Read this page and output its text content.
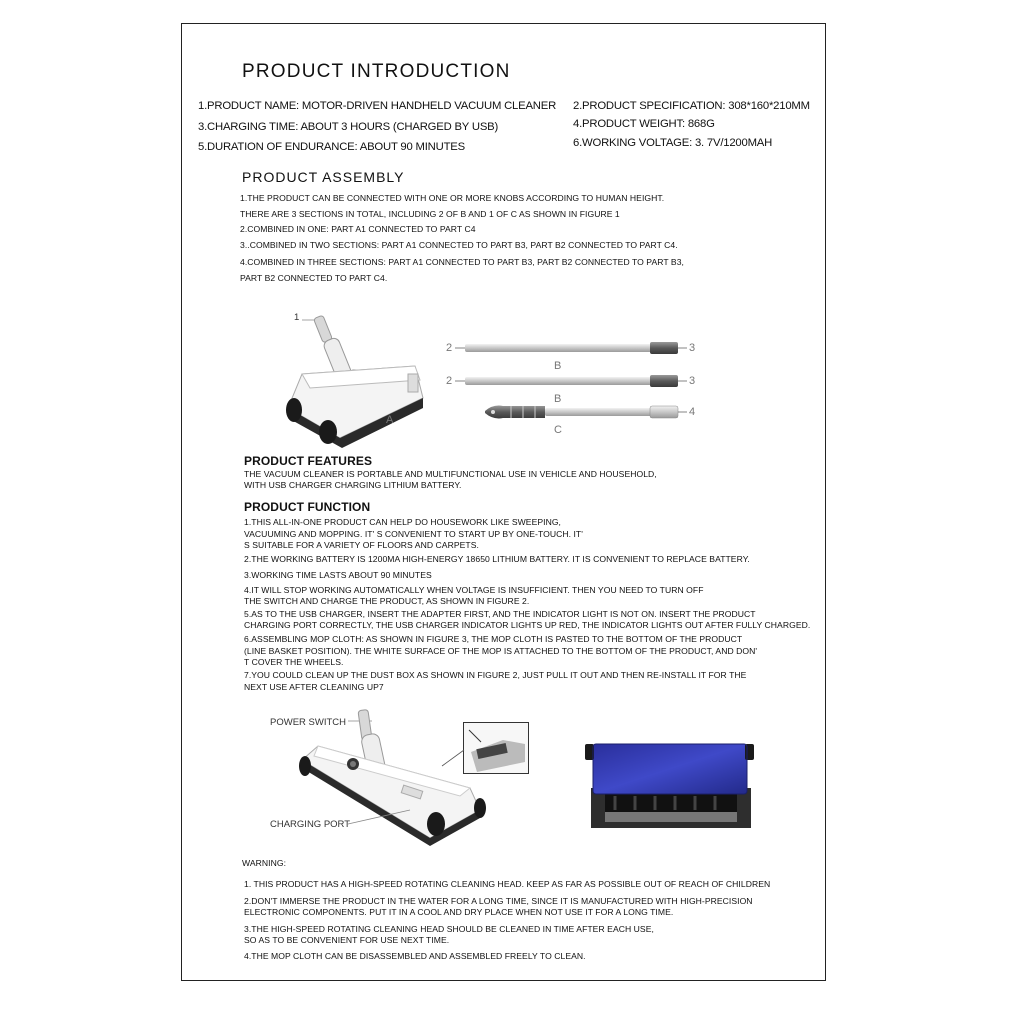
PRODUCT INTRODUCTION
1.PRODUCT NAME: MOTOR-DRIVEN HANDHELD VACUUM CLEANER
3.CHARGING TIME: ABOUT 3 HOURS (CHARGED BY USB)
5.DURATION OF ENDURANCE: ABOUT 90 MINUTES
2.PRODUCT SPECIFICATION: 308*160*210MM
4.PRODUCT WEIGHT: 868G
6.WORKING VOLTAGE: 3. 7V/1200MAH
PRODUCT ASSEMBLY
1.THE PRODUCT CAN BE CONNECTED WITH ONE OR MORE KNOBS ACCORDING TO HUMAN HEIGHT.
THERE ARE 3 SECTIONS IN TOTAL, INCLUDING 2 OF B AND 1 OF C AS SHOWN IN FIGURE 1
2.COMBINED IN ONE: PART A1 CONNECTED TO PART C4
3..COMBINED IN TWO SECTIONS: PART A1 CONNECTED TO PART B3, PART B2 CONNECTED TO PART C4.
4.COMBINED IN THREE SECTIONS: PART A1 CONNECTED TO PART B3, PART B2 CONNECTED TO PART B3,
PART B2 CONNECTED TO PART C4.
1
A
2	3
B
2	3
B
4
C
PRODUCT FEATURES
THE VACUUM CLEANER IS PORTABLE AND MULTIFUNCTIONAL USE IN VEHICLE AND HOUSEHOLD,
WITH USB CHARGER CHARGING LITHIUM BATTERY.
PRODUCT FUNCTION
1.THIS ALL-IN-ONE PRODUCT CAN HELP DO HOUSEWORK LIKE SWEEPING,
VACUUMING AND MOPPING. IT' S CONVENIENT TO START UP BY ONE-TOUCH. IT'
S SUITABLE FOR A VARIETY OF FLOORS AND CARPETS.
2.THE WORKING BATTERY IS 1200MA HIGH-ENERGY 18650 LITHIUM BATTERY. IT IS CONVENIENT TO REPLACE BATTERY.
3.WORKING TIME LASTS ABOUT 90 MINUTES
4.IT WILL STOP WORKING AUTOMATICALLY WHEN VOLTAGE IS INSUFFICIENT. THEN YOU NEED TO TURN OFF
THE SWITCH AND CHARGE THE PRODUCT, AS SHOWN IN FIGURE 2.
5.AS TO THE USB CHARGER, INSERT THE ADAPTER FIRST, AND THE INDICATOR LIGHT IS NOT ON. INSERT THE PRODUCT
CHARGING PORT CORRECTLY, THE USB CHARGER INDICATOR LIGHTS UP RED, THE INDICATOR LIGHTS OUT AFTER FULLY CHARGED.
6.ASSEMBLING MOP CLOTH: AS SHOWN IN FIGURE 3, THE MOP CLOTH IS PASTED TO THE BOTTOM OF THE PRODUCT
(LINE BASKET POSITION). THE WHITE SURFACE OF THE MOP IS ATTACHED TO THE BOTTOM OF THE PRODUCT, AND DON'
T COVER THE WHEELS.
7.YOU COULD CLEAN UP THE DUST BOX AS SHOWN IN FIGURE 2, JUST PULL IT OUT AND THEN RE-INSTALL IT FOR THE
NEXT USE AFTER CLEANING UP7
POWER SWITCH
CHARGING PORT
WARNING:
1. THIS PRODUCT HAS A HIGH-SPEED ROTATING CLEANING HEAD. KEEP AS FAR AS POSSIBLE OUT OF REACH OF CHILDREN
2.DON'T IMMERSE THE PRODUCT IN THE WATER FOR A LONG TIME, SINCE IT IS MANUFACTURED WITH HIGH-PRECISION
ELECTRONIC COMPONENTS. PUT IT IN A COOL AND DRY PLACE WHEN NOT USE IT FOR A LONG TIME.
3.THE HIGH-SPEED ROTATING CLEANING HEAD SHOULD BE CLEANED IN TIME AFTER EACH USE,
SO AS TO BE CONVENIENT FOR USE NEXT TIME.
4.THE MOP CLOTH CAN BE DISASSEMBLED AND ASSEMBLED FREELY TO CLEAN.
